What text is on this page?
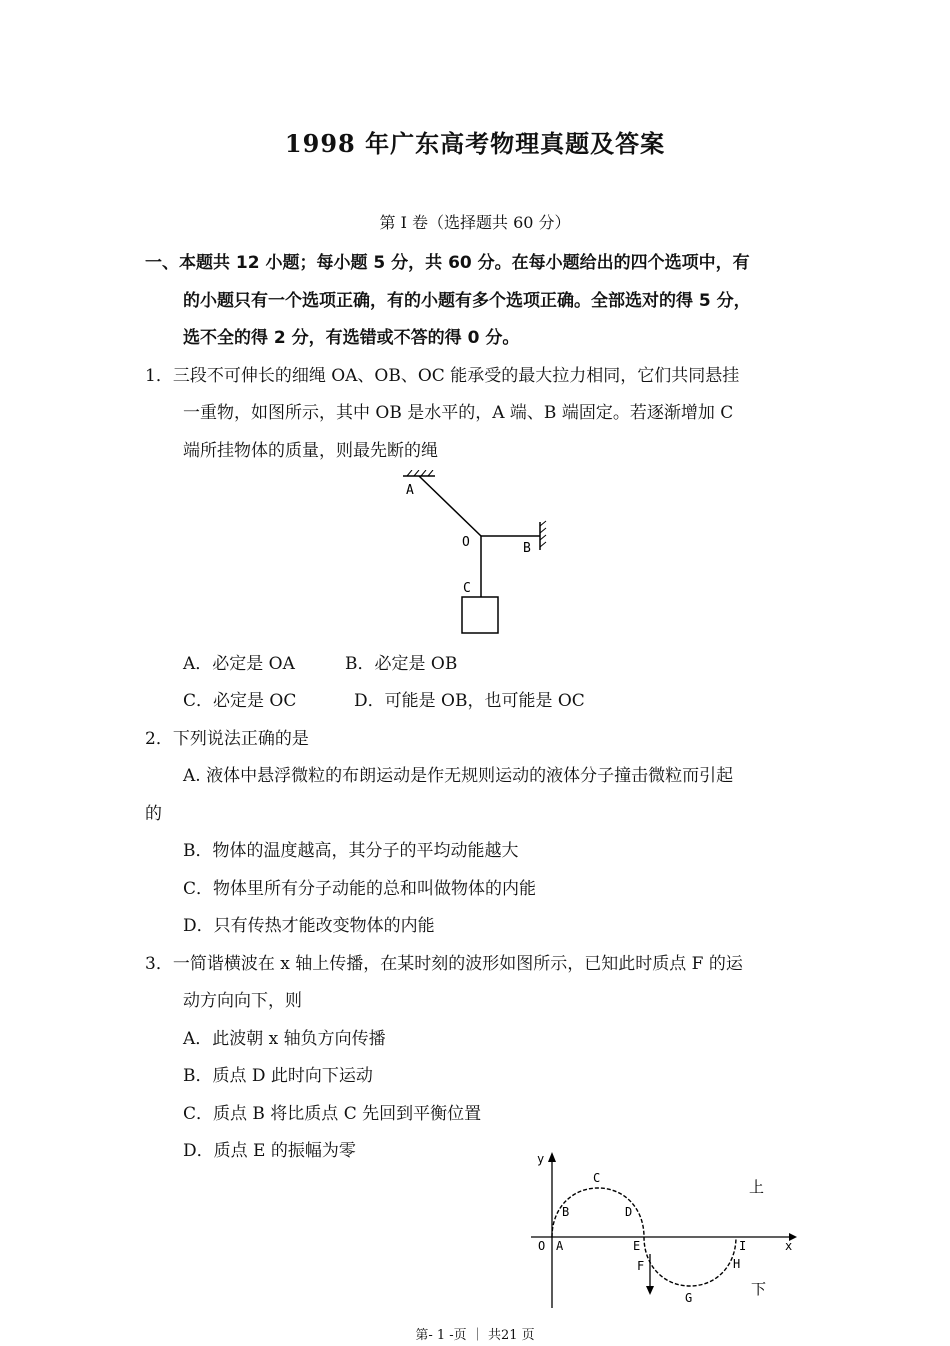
1998 年广东高考物理真题及答案
第 I 卷（选择题共 60 分）
一、本题共 12 小题；每小题 5 分，共 60 分。在每小题给出的四个选项中，有
的小题只有一个选项正确，有的小题有多个选项正确。全部选对的得 5 分，
选不全的得 2 分，有选错或不答的得 0 分。
1．三段不可伸长的细绳 OA、OB、OC 能承受的最大拉力相同，它们共同悬挂
一重物，如图所示，其中 OB 是水平的，A 端、B 端固定。若逐渐增加 C
端所挂物体的质量，则最先断的绳
A
O	B
C
A．必定是 OA	B．必定是 OB
C．必定是 OC	D．可能是 OB，也可能是 OC
2．下列说法正确的是
A. 液体中悬浮微粒的布朗运动是作无规则运动的液体分子撞击微粒而引起
的
B．物体的温度越高，其分子的平均动能越大
C．物体里所有分子动能的总和叫做物体的内能
D．只有传热才能改变物体的内能
3．一简谐横波在 x 轴上传播，在某时刻的波形如图所示，已知此时质点 F 的运
动方向向下，则
A．此波朝 x 轴负方向传播
B．质点 D 此时向下运动
C．质点 B 将比质点 C 先回到平衡位置
D．质点 E 的振幅为零	y
x
O A
B
C
D
E
F
G
H
I
上
下
第- 1 -页 ｜ 共21 页
